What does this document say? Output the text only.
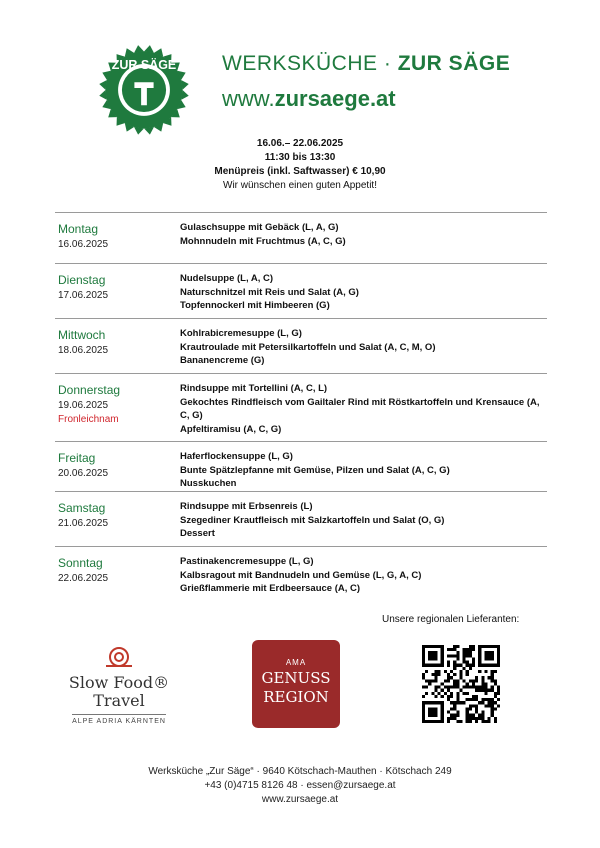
ZUR SÄGE WERKSKÜCHE · ZUR SÄGE
www.zursaege.at
16.06.– 22.06.2025
11:30 bis 13:30
Menüpreis (inkl. Saftwasser) € 10,90
Wir wünschen einen guten Appetit!
Montag
16.06.2025
Gulaschsuppe mit Gebäck (L, A, G)
Mohnnudeln mit Fruchtmus (A, C, G)
Dienstag
17.06.2025
Nudelsuppe (L, A, C)
Naturschnitzel mit Reis und Salat (A, G)
Topfennockerl mit Himbeeren (G)
Mittwoch
18.06.2025
Kohlrabicremesuppe (L, G)
Krautroulade mit Petersilkartoffeln und Salat (A, C, M, O)
Bananencreme (G)
Donnerstag
19.06.2025
Fronleichnam
Rindsuppe mit Tortellini (A, C, L)
Gekochtes Rindfleisch vom Gailtaler Rind mit Röstkartoffeln und Krensauce (A, C, G)
Apfeltiramisu (A, C, G)
Freitag
20.06.2025
Haferflockensuppe (L, G)
Bunte Spätzlepfanne mit Gemüse, Pilzen und Salat (A, C, G)
Nusskuchen
Samstag
21.06.2025
Rindsuppe mit Erbsenreis (L)
Szegediner Krautfleisch mit Salzkartoffeln und Salat (O, G)
Dessert
Sonntag
22.06.2025
Pastinakencremesuppe (L, G)
Kalbsragout mit Bandnudeln und Gemüse (L, G, A, C)
Grießflammerie mit Erdbeersauce (A, C)
Unsere regionalen Lieferanten:
Slow Food®
Travel
ALPE ADRIA KÄRNTEN
AMA
GENUSS
REGION
Werksküche „Zur Säge“ · 9640 Kötschach-Mauthen · Kötschach 249
+43 (0)4715 8126 48 · essen@zursaege.at
www.zursaege.at
